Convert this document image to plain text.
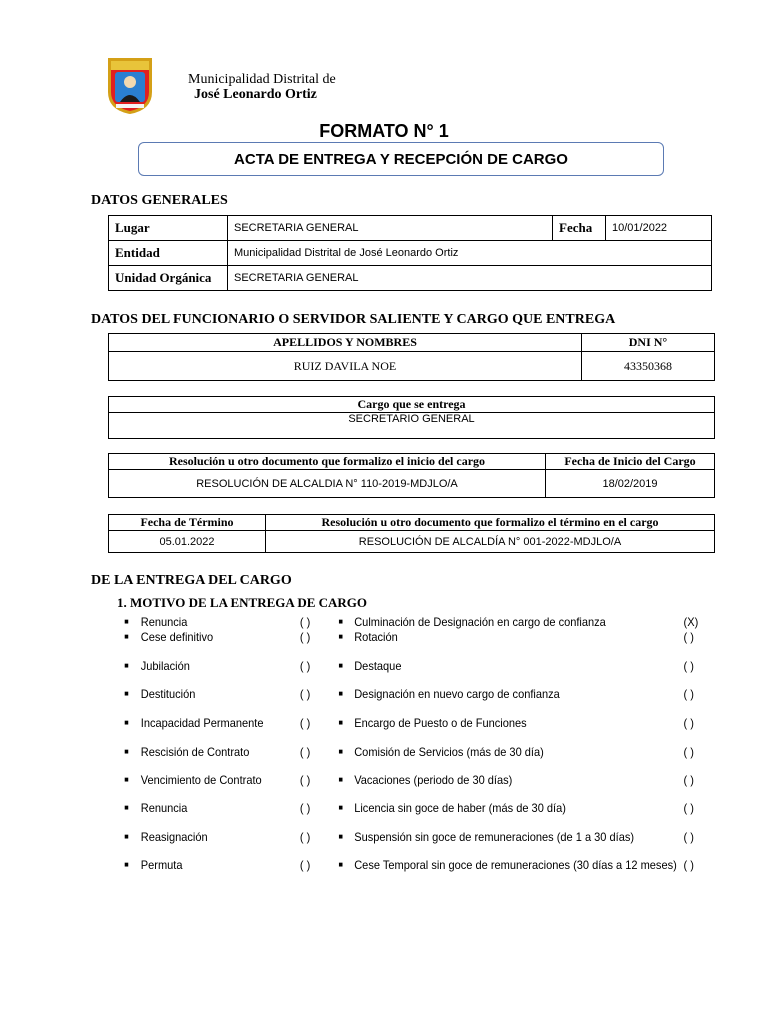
Municipalidad Distrital de
José Leonardo Ortiz
FORMATO N° 1
ACTA DE ENTREGA Y RECEPCIÓN DE CARGO
DATOS GENERALES
Lugar	SECRETARIA GENERAL	Fecha	10/01/2022
Entidad	Municipalidad Distrital de José Leonardo Ortiz		
Unidad Orgánica	SECRETARIA GENERAL		
DATOS DEL FUNCIONARIO O SERVIDOR SALIENTE Y CARGO QUE ENTREGA
APELLIDOS Y NOMBRES	DNI N°
RUIZ DAVILA NOE	43350368
Cargo que se entrega
SECRETARIO GENERAL
Resolución u otro documento que formalizo el inicio del cargo	Fecha de Inicio del Cargo
RESOLUCIÓN DE ALCALDIA N° 110-2019-MDJLO/A	18/02/2019
Fecha de Término	Resolución u otro documento que formalizo el término en el cargo
05.01.2022	RESOLUCIÓN DE ALCALDÍA N° 001-2022-MDJLO/A
DE LA ENTREGA DEL CARGO
1. MOTIVO DE LA ENTREGA DE CARGO
■ Renuncia	( )	■ Culminación de Designación en cargo de confianza	(X)
■ Cese definitivo	( )	■ Rotación	( )
■ Jubilación	( )	■ Destaque	( )
■ Destitución	( )	■ Designación en nuevo cargo de confianza	( )
■ Incapacidad Permanente	( )	■ Encargo de Puesto o de Funciones	( )
■ Rescisión de Contrato	( )	■ Comisión de Servicios (más de 30 día)	( )
■ Vencimiento de Contrato	( )	■ Vacaciones (periodo de 30 días)	( )
■ Renuncia	( )	■ Licencia sin goce de haber (más de 30 día)	( )
■ Reasignación	( )	■ Suspensión sin goce de remuneraciones (de 1 a 30 días)	( )
■ Permuta	( )	■ Cese Temporal sin goce de remuneraciones (30 días a 12 meses) ( )
